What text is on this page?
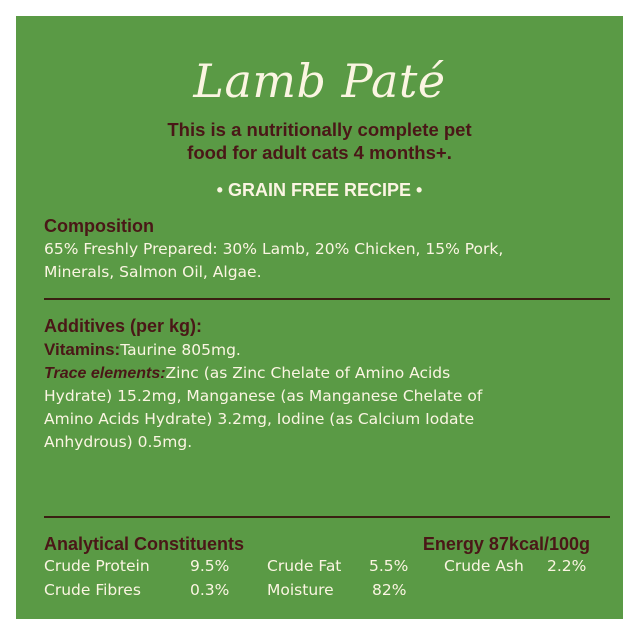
Lamb Paté
This is a nutritionally complete pet
food for adult cats 4 months+.
• GRAIN FREE RECIPE •
Composition
65% Freshly Prepared: 30% Lamb, 20% Chicken, 15% Pork,
Minerals, Salmon Oil, Algae.
Additives (per kg):
Vitamins:Taurine 805mg.
Trace elements:Zinc (as Zinc Chelate of Amino Acids
Hydrate) 15.2mg, Manganese (as Manganese Chelate of
Amino Acids Hydrate) 3.2mg, Iodine (as Calcium Iodate
Anhydrous) 0.5mg.
Analytical Constituents	Energy 87kcal/100g
Crude Protein	9.5% Crude Fat 5.5% Crude Ash 2.2%
Crude Fibres	0.3% Moisture 82%
